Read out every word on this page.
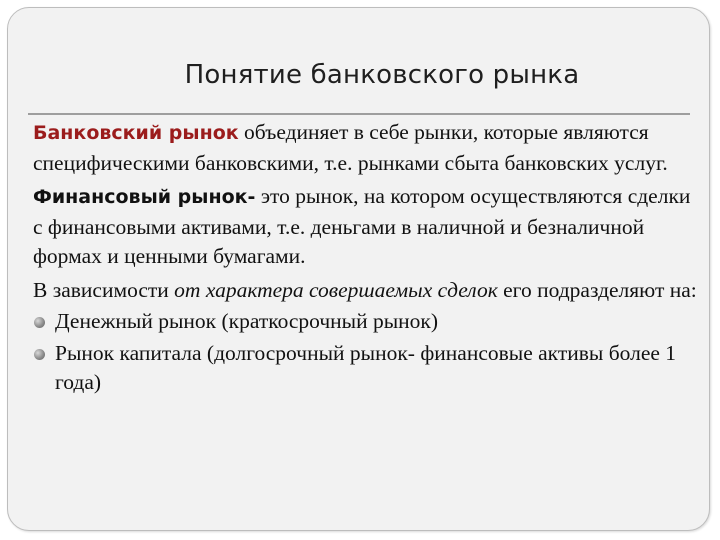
Понятие банковского рынка

Банковский рынок объединяет в себе рынки, которые являются специфическими банковскими, т.е. рынками сбыта банковских услуг.

Финансовый рынок- это рынок, на котором осуществляются сделки с финансовыми активами, т.е. деньгами в наличной и безналичной формах и ценными бумагами.

В зависимости от характера совершаемых сделок его подразделяют на:

Денежный рынок (краткосрочный рынок)
Рынок капитала (долгосрочный рынок- финансовые активы более 1 года)
